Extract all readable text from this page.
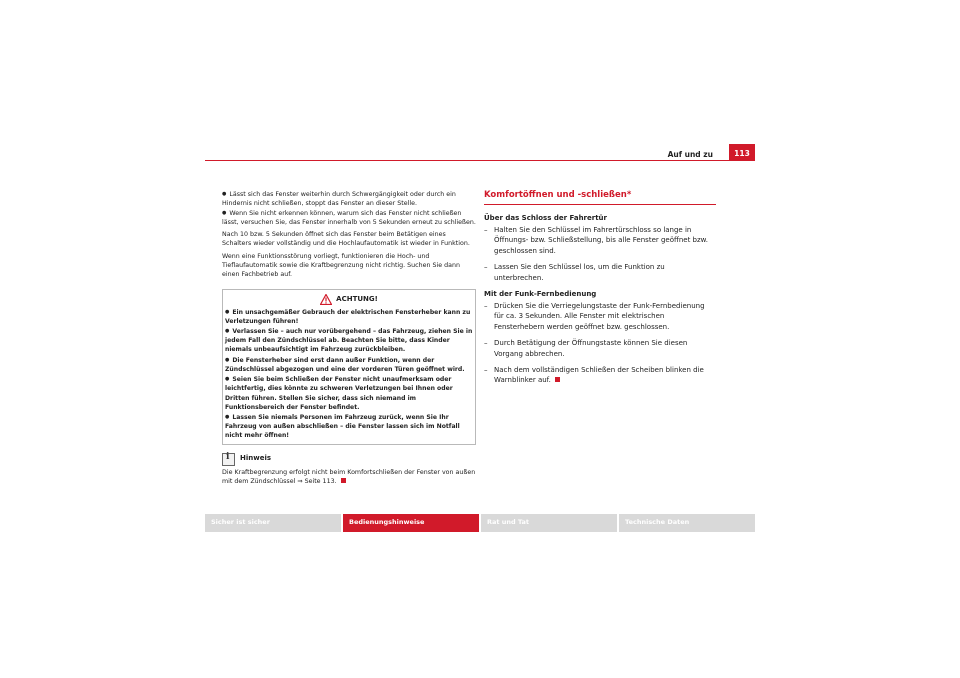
Auf und zu	113

● Lässt sich das Fenster weiterhin durch Schwergängigkeit oder durch ein Hindernis nicht schließen, stoppt das Fenster an dieser Stelle.

● Wenn Sie nicht erkennen können, warum sich das Fenster nicht schließen lässt, versuchen Sie, das Fenster innerhalb von 5 Sekunden erneut zu schließen.

Nach 10 bzw. 5 Sekunden öffnet sich das Fenster beim Betätigen eines Schalters wieder vollständig und die Hochlaufautomatik ist wieder in Funktion.

Wenn eine Funktionsstörung vorliegt, funktionieren die Hoch- und Tieflaufautomatik sowie die Kraftbegrenzung nicht richtig. Suchen Sie dann einen Fachbetrieb auf.

ACHTUNG!

● Ein unsachgemäßer Gebrauch der elektrischen Fensterheber kann zu Verletzungen führen!

● Verlassen Sie – auch nur vorübergehend – das Fahrzeug, ziehen Sie in jedem Fall den Zündschlüssel ab. Beachten Sie bitte, dass Kinder niemals unbeaufsichtigt im Fahrzeug zurückbleiben.

● Die Fensterheber sind erst dann außer Funktion, wenn der Zündschlüssel abgezogen und eine der vorderen Türen geöffnet wird.

● Seien Sie beim Schließen der Fenster nicht unaufmerksam oder leichtfertig, dies könnte zu schweren Verletzungen bei Ihnen oder Dritten führen. Stellen Sie sicher, dass sich niemand im Funktionsbereich der Fenster befindet.

● Lassen Sie niemals Personen im Fahrzeug zurück, wenn Sie Ihr Fahrzeug von außen abschließen – die Fenster lassen sich im Notfall nicht mehr öffnen!

i
Hinweis
Die Kraftbegrenzung erfolgt nicht beim Komfortschließen der Fenster von außen mit dem Zündschlüssel ⇒ Seite 113.
Komfortöffnen und -schließen*
Über das Schloss der Fahrertür
– Halten Sie den Schlüssel im Fahrertürschloss so lange in Öffnungs- bzw. Schließstellung, bis alle Fenster geöffnet bzw. geschlossen sind.
– Lassen Sie den Schlüssel los, um die Funktion zu unterbrechen.
Mit der Funk-Fernbedienung
– Drücken Sie die Verriegelungstaste der Funk-Fernbedienung für ca. 3 Sekunden. Alle Fenster mit elektrischen Fensterhebern werden geöffnet bzw. geschlossen.
– Durch Betätigung der Öffnungstaste können Sie diesen Vorgang abbrechen.
– Nach dem vollständigen Schließen der Scheiben blinken die Warnblinker auf.
Sicher ist sicher	Bedienungshinweise	Rat und Tat	Technische Daten
